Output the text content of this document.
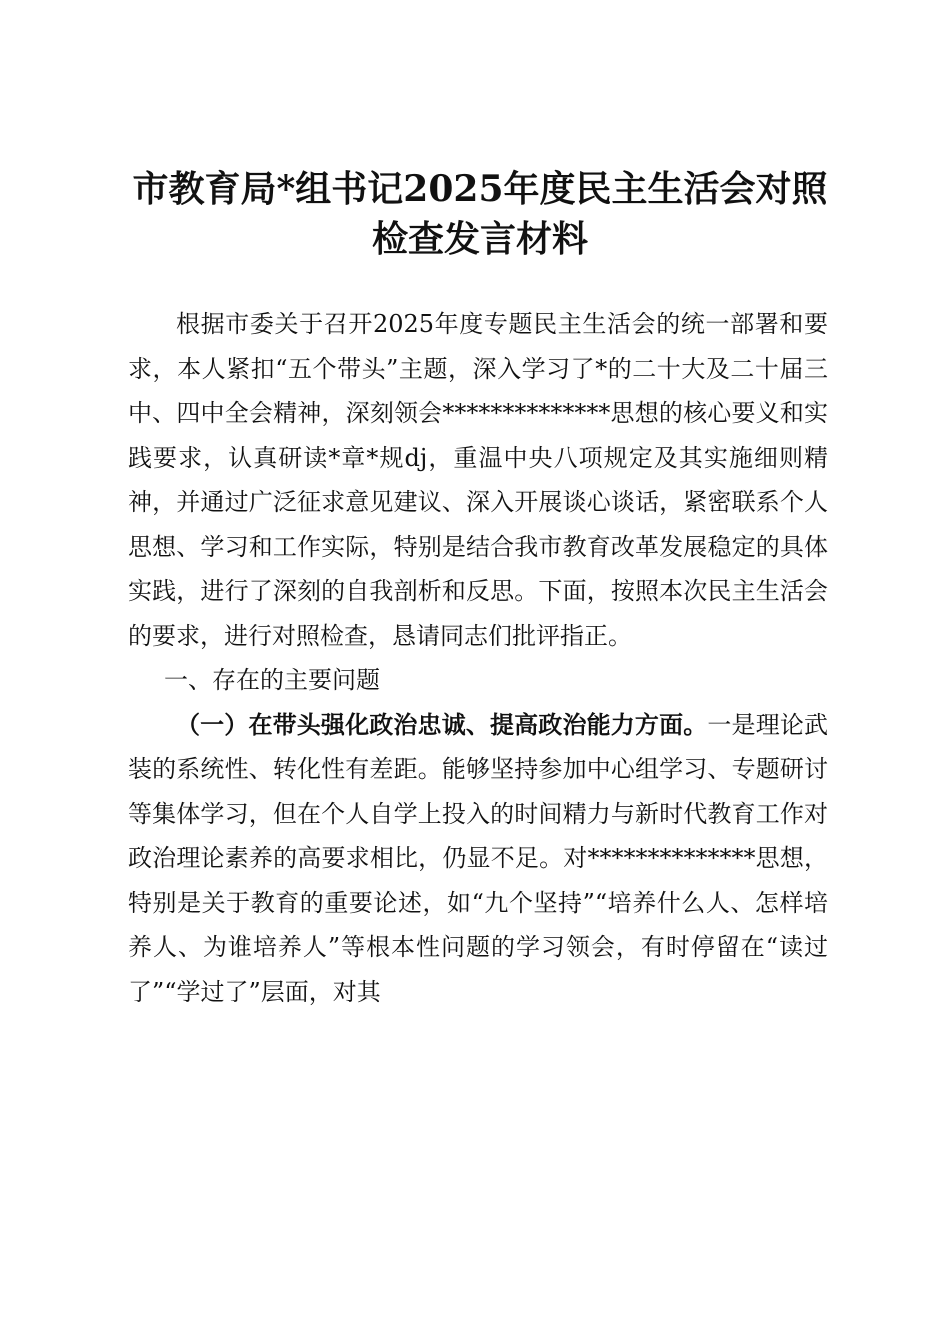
市教育局*组书记2025年度民主生活会对照检查发言材料

根据市委关于召开2025年度专题民主生活会的统一部署和要求，本人紧扣“五个带头”主题，深入学习了*的二十大及二十届三中、四中全会精神，深刻领会**************思想的核心要义和实践要求，认真研读*章*规dj，重温中央八项规定及其实施细则精神，并通过广泛征求意见建议、深入开展谈心谈话，紧密联系个人思想、学习和工作实际，特别是结合我市教育改革发展稳定的具体实践，进行了深刻的自我剖析和反思。下面，按照本次民主生活会的要求，进行对照检查，恳请同志们批评指正。

一、存在的主要问题

（一）在带头强化政治忠诚、提高政治能力方面。一是理论武装的系统性、转化性有差距。能够坚持参加中心组学习、专题研讨等集体学习，但在个人自学上投入的时间精力与新时代教育工作对政治理论素养的高要求相比，仍显不足。对**************思想，特别是关于教育的重要论述，如“九个坚持”“培养什么人、怎样培养人、为谁培养人”等根本性问题的学习领会，有时停留在“读过了”“学过了”层面，对其
